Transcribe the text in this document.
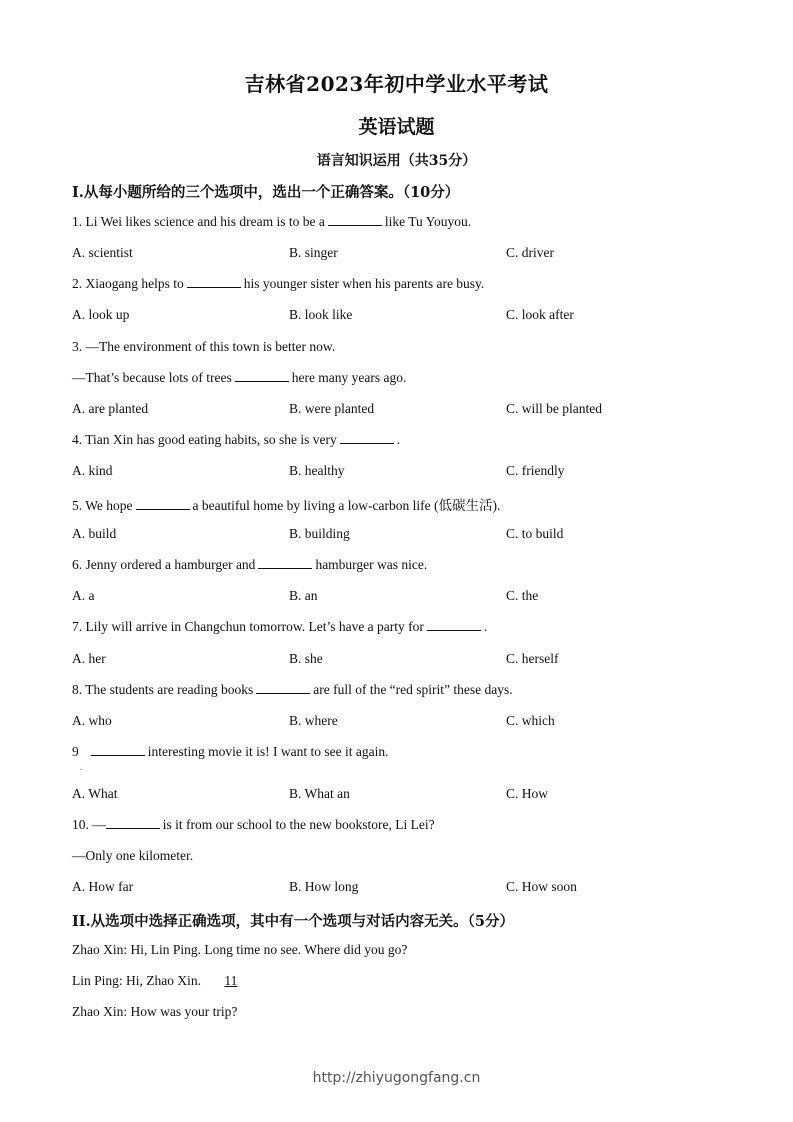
吉林省2023年初中学业水平考试
英语试题
语言知识运用（共35分）
I.从每小题所给的三个选项中，选出一个正确答案。（10分）
1. Li Wei likes science and his dream is to be a	like Tu Youyou.
A. scientist	B. singer	C. driver
2. Xiaogang helps to	his younger sister when his parents are busy.
A. look up	B. look like	C. look after
3. —The environment of this town is better now.
—That’s because lots of trees	here many years ago.
A. are planted	B. were planted	C. will be planted
4. Tian Xin has good eating habits, so she is very	.
A. kind	B. healthy	C. friendly
5. We hope	a beautiful home by living a low-carbon life (低碳生活).
A. build	B. building	C. to build
6. Jenny ordered a hamburger and	hamburger was nice.
A. a	B. an	C. the
7. Lily will arrive in Changchun tomorrow. Let’s have a party for	.
A. her	B. she	C. herself
8. The students are reading books	are full of the “red spirit” these days.
A. who	B. where	C. which
9	interesting movie it is! I want to see it again.
.
A. What	B. What an	C. How
10. —	is it from our school to the new bookstore, Li Lei?
—Only one kilometer.
A. How far	B. How long	C. How soon
II.从选项中选择正确选项，其中有一个选项与对话内容无关。（5分）
Zhao Xin: Hi, Lin Ping. Long time no see. Where did you go?
Lin Ping: Hi, Zhao Xin. 11
Zhao Xin: How was your trip?
http://zhiyugongfang.cn
